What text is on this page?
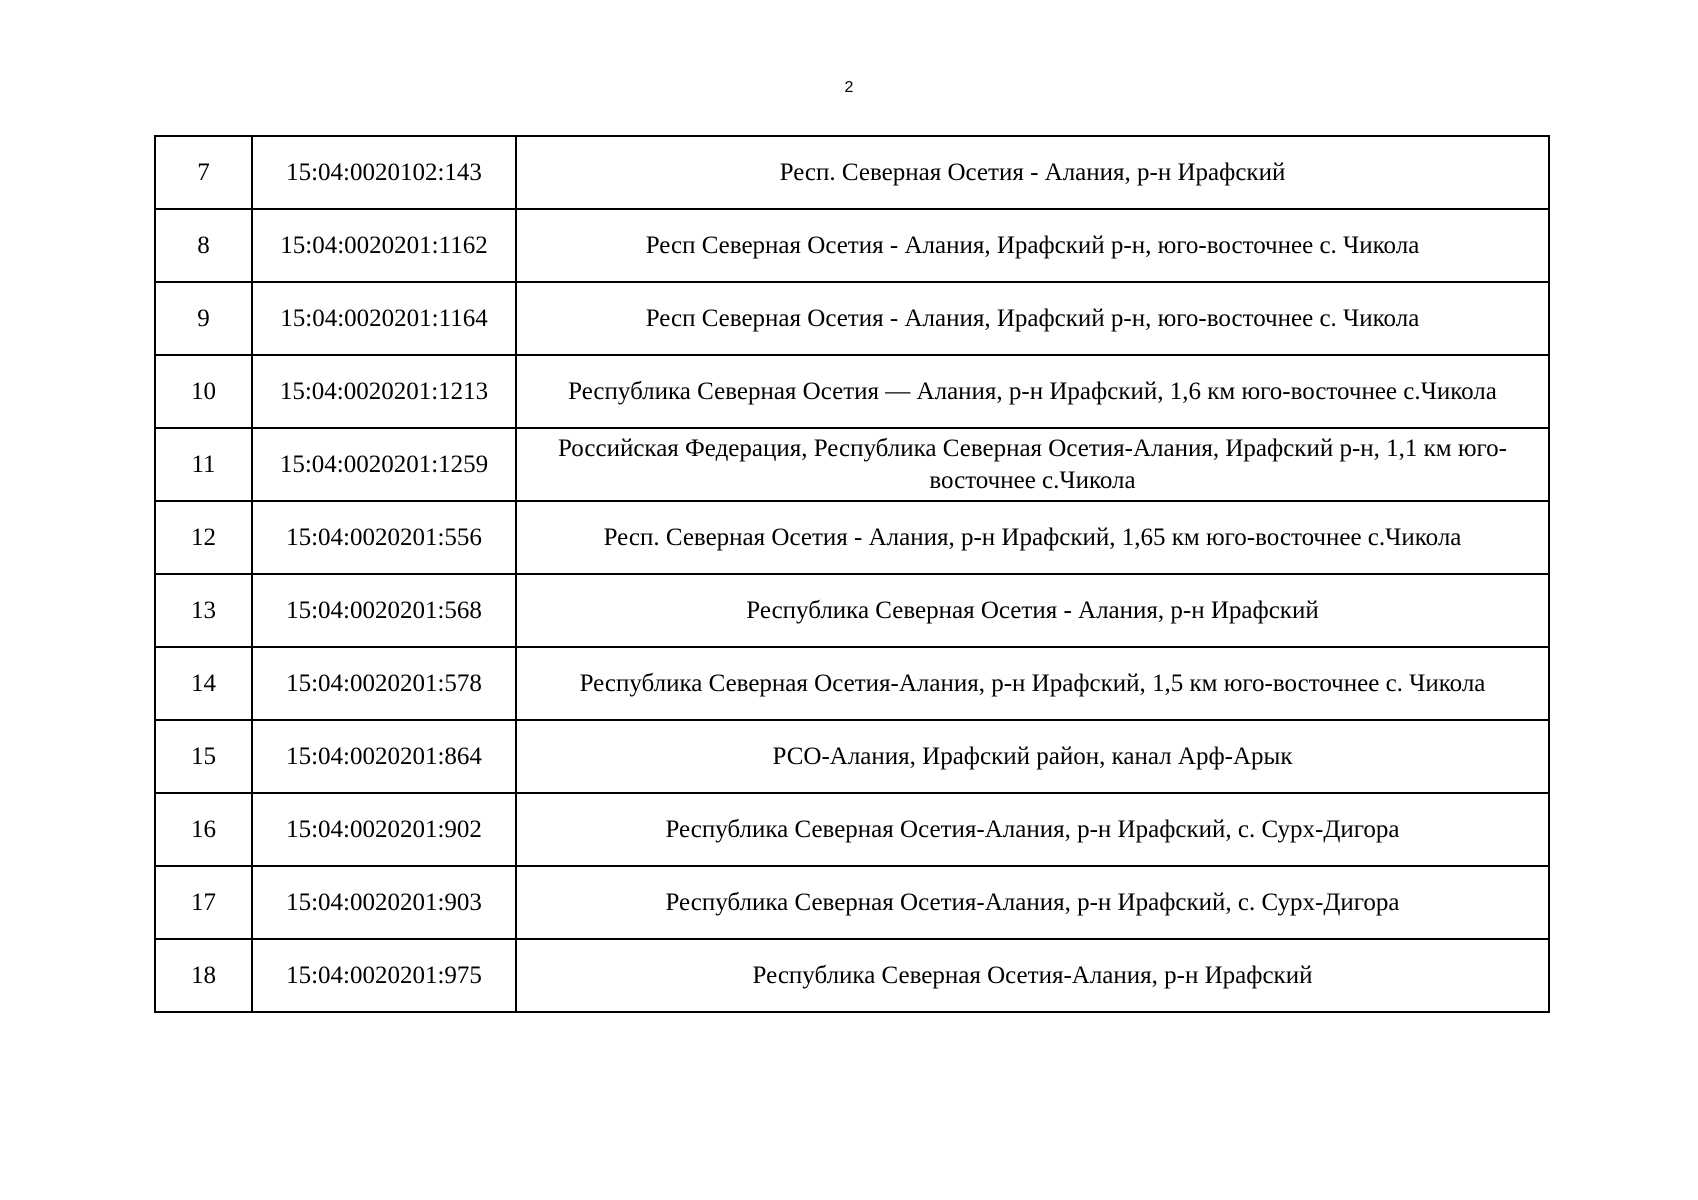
2
7	15:04:0020102:143	Респ. Северная Осетия - Алания, р-н Ирафский
8	15:04:0020201:1162	Респ Северная Осетия - Алания, Ирафский р-н, юго-восточнее с. Чикола
9	15:04:0020201:1164	Респ Северная Осетия - Алания, Ирафский р-н, юго-восточнее с. Чикола
10	15:04:0020201:1213	Республика Северная Осетия — Алания, р-н Ирафский, 1,6 км юго-восточнее с.Чикола
11	15:04:0020201:1259	Российская Федерация, Республика Северная Осетия-Алания, Ирафский р-н, 1,1 км юго-восточнее с.Чикола
12	15:04:0020201:556	Респ. Северная Осетия - Алания, р-н Ирафский, 1,65 км юго-восточнее с.Чикола
13	15:04:0020201:568	Республика Северная Осетия - Алания, р-н Ирафский
14	15:04:0020201:578	Республика Северная Осетия-Алания, р-н Ирафский, 1,5 км юго-восточнее с. Чикола
15	15:04:0020201:864	РСО-Алания, Ирафский район, канал Арф-Арык
16	15:04:0020201:902	Республика Северная Осетия-Алания, р-н Ирафский, с. Сурх-Дигора
17	15:04:0020201:903	Республика Северная Осетия-Алания, р-н Ирафский, с. Сурх-Дигора
18	15:04:0020201:975	Республика Северная Осетия-Алания, р-н Ирафский
